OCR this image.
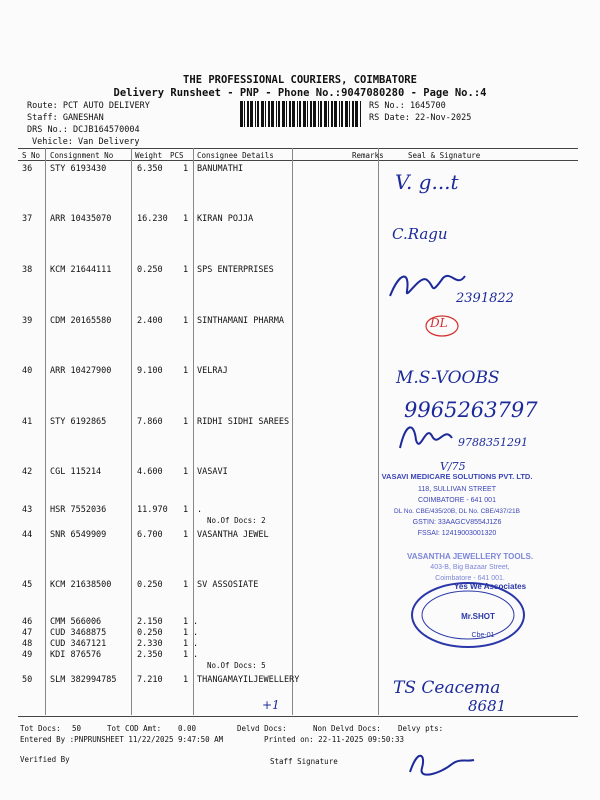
THE PROFESSIONAL COURIERS, COIMBATORE
Delivery Runsheet - PNP - Phone No.:9047080280 - Page No.:4
Route: PCT AUTO DELIVERY
Staff: GANESHAN
DRS No.: DCJB164570004
Vehicle: Van Delivery
RS No.: 1645700
RS Date: 22-Nov-2025
S No Consignment No	Weight PCS Consignee Details	Remarks	Seal & Signature
36 STY 6193430	6.350 1 BANUMATHI
37 ARR 10435070	16.230 1 KIRAN POJJA
38 KCM 21644111	0.250 1 SPS ENTERPRISES
39 CDM 20165580	2.400 1 SINTHAMANI PHARMA
40 ARR 10427900	9.100 1 VELRAJ
41 STY 6192865	7.860 1 RIDHI SIDHI SAREES
42 CGL 115214	4.600 1 VASAVI
43 HSR 7552036	11.970 1 .
No.Of Docs: 2
44 SNR 6549909	6.700 1 VASANTHA JEWEL
45 KCM 21638500	0.250 1 SV ASSOSIATE
46 CMM 566006	2.150 1 .
47 CUD 3468875	0.250 1 .
48 CUD 3467121	2.330 1 .
49 KDI 876576	2.350 1 .
No.Of Docs: 5
50 SLM 382994785 7.210 1 THANGAMAYILJEWELLERY
Tot Docs: 50	Tot COD Amt: 0.00	Delvd Docs:	Non Delvd Docs: Delvy pts:
Entered By :PNPRUNSHEET 11/22/2025 9:47:50 AM	Printed on: 22-11-2025 09:50:33
Verified By	Staff Signature
V. g...t
C.Ragu
2391822
DL
M.S-VOOBS
9965263797
9788351291
V/75
+1
TS Ceacema
8681
VASAVI MEDICARE SOLUTIONS PVT. LTD.
118, SULLIVAN STREET
COIMBATORE - 641 001
DL No. CBE/435/20B, DL No. CBE/437/21B
GSTIN: 33AAGCV8554J1Z6
FSSAI: 12419003001320
VASANTHA JEWELLERY TOOLS.
403-B, Big Bazaar Street,
Coimbatore - 641 001.
Yes We Associates
Mr.SHOT
Cbe-01
